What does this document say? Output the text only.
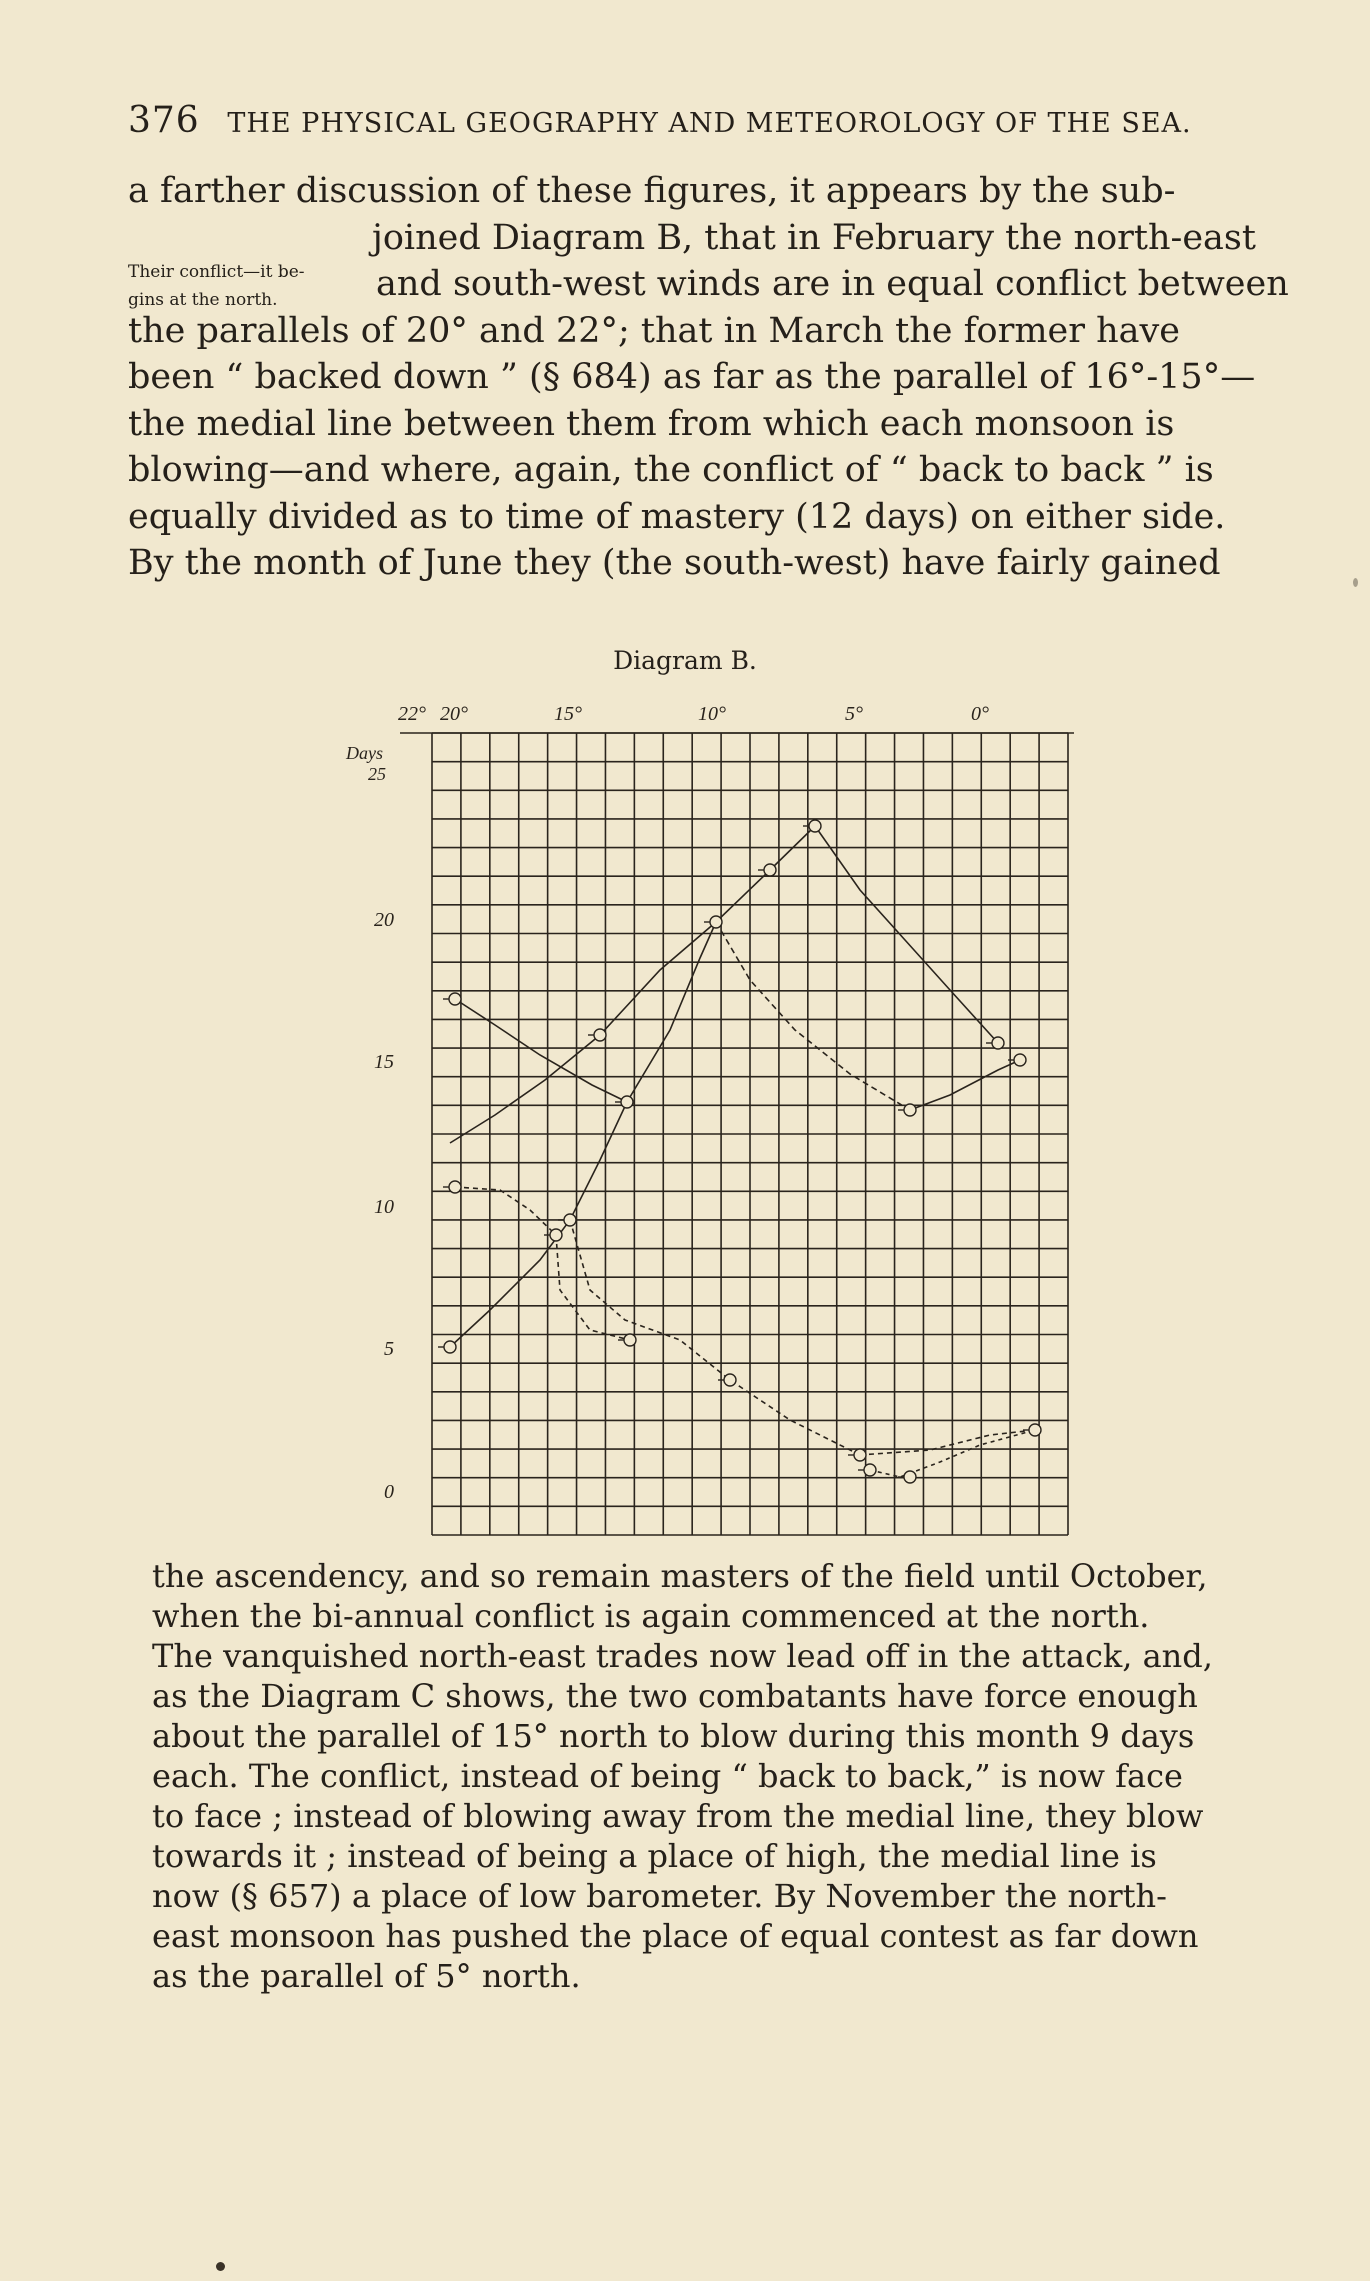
376 THE PHYSICAL GEOGRAPHY AND METEOROLOGY OF THE SEA.
a farther discussion of these figures, it appears by the sub-
joined Diagram B, that in February the north-east
and south-west winds are in equal conflict between
the parallels of 20° and 22°; that in March the former have
been “ backed down ” (§ 684) as far as the parallel of 16°-15°—
the medial line between them from which each monsoon is
blowing—and where, again, the conflict of “ back to back ” is
equally divided as to time of mastery (12 days) on either side.
By the month of June they (the south-west) have fairly gained
Their conflict—it be-
gins at the north.
Diagram B.
22° 20°	15°	10°	5°	0°
Days
25
20
15
10
5
0
the ascendency, and so remain masters of the field until October,
when the bi-annual conflict is again commenced at the north.
The vanquished north-east trades now lead off in the attack, and,
as the Diagram C shows, the two combatants have force enough
about the parallel of 15° north to blow during this month 9 days
each. The conflict, instead of being “ back to back,” is now face
to face ; instead of blowing away from the medial line, they blow
towards it ; instead of being a place of high, the medial line is
now (§ 657) a place of low barometer. By November the north-
east monsoon has pushed the place of equal contest as far down
as the parallel of 5° north.
